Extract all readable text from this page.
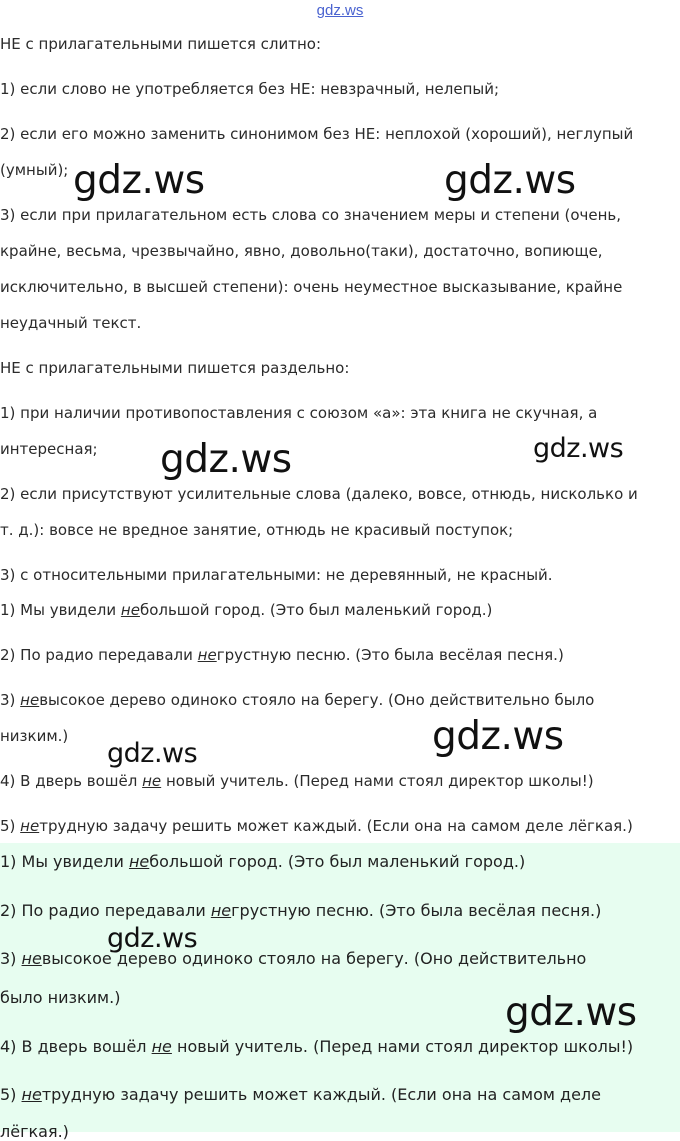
gdz.ws
НЕ с прилагательными пишется слитно:
1) если слово не употребляется без НЕ: невзрачный, нелепый;
2) если его можно заменить синонимом без НЕ: неплохой (хороший), неглупый
(умный);
3) если при прилагательном есть слова со значением меры и степени (очень,
крайне, весьма, чрезвычайно, явно, довольно(таки), достаточно, вопиюще,
исключительно, в высшей степени): очень неуместное высказывание, крайне
неудачный текст.
НЕ с прилагательными пишется раздельно:
1) при наличии противопоставления с союзом «а»: эта книга не скучная, а
интересная;
2) если присутствуют усилительные слова (далеко, вовсе, отнюдь, нисколько и
т. д.): вовсе не вредное занятие, отнюдь не красивый поступок;
3) с относительными прилагательными: не деревянный, не красный.
1) Мы увидели небольшой город. (Это был маленький город.)
2) По радио передавали негрустную песню. (Это была весёлая песня.)
3) невысокое дерево одиноко стояло на берегу. (Оно действительно было
низким.)
4) В дверь вошёл не новый учитель. (Перед нами стоял директор школы!)
5) нетрудную задачу решить может каждый. (Если она на самом деле лёгкая.)
1) Мы увидели небольшой город. (Это был маленький город.)
2) По радио передавали негрустную песню. (Это была весёлая песня.)
3) невысокое дерево одиноко стояло на берегу. (Оно действительно
было низким.)
4) В дверь вошёл не новый учитель. (Перед нами стоял директор школы!)
5) нетрудную задачу решить может каждый. (Если она на самом деле
лёгкая.)
gdz.ws	gdz.ws
gdz.ws	gdz.ws
gdz.ws	gdz.ws
gdz.ws
gdz.ws
